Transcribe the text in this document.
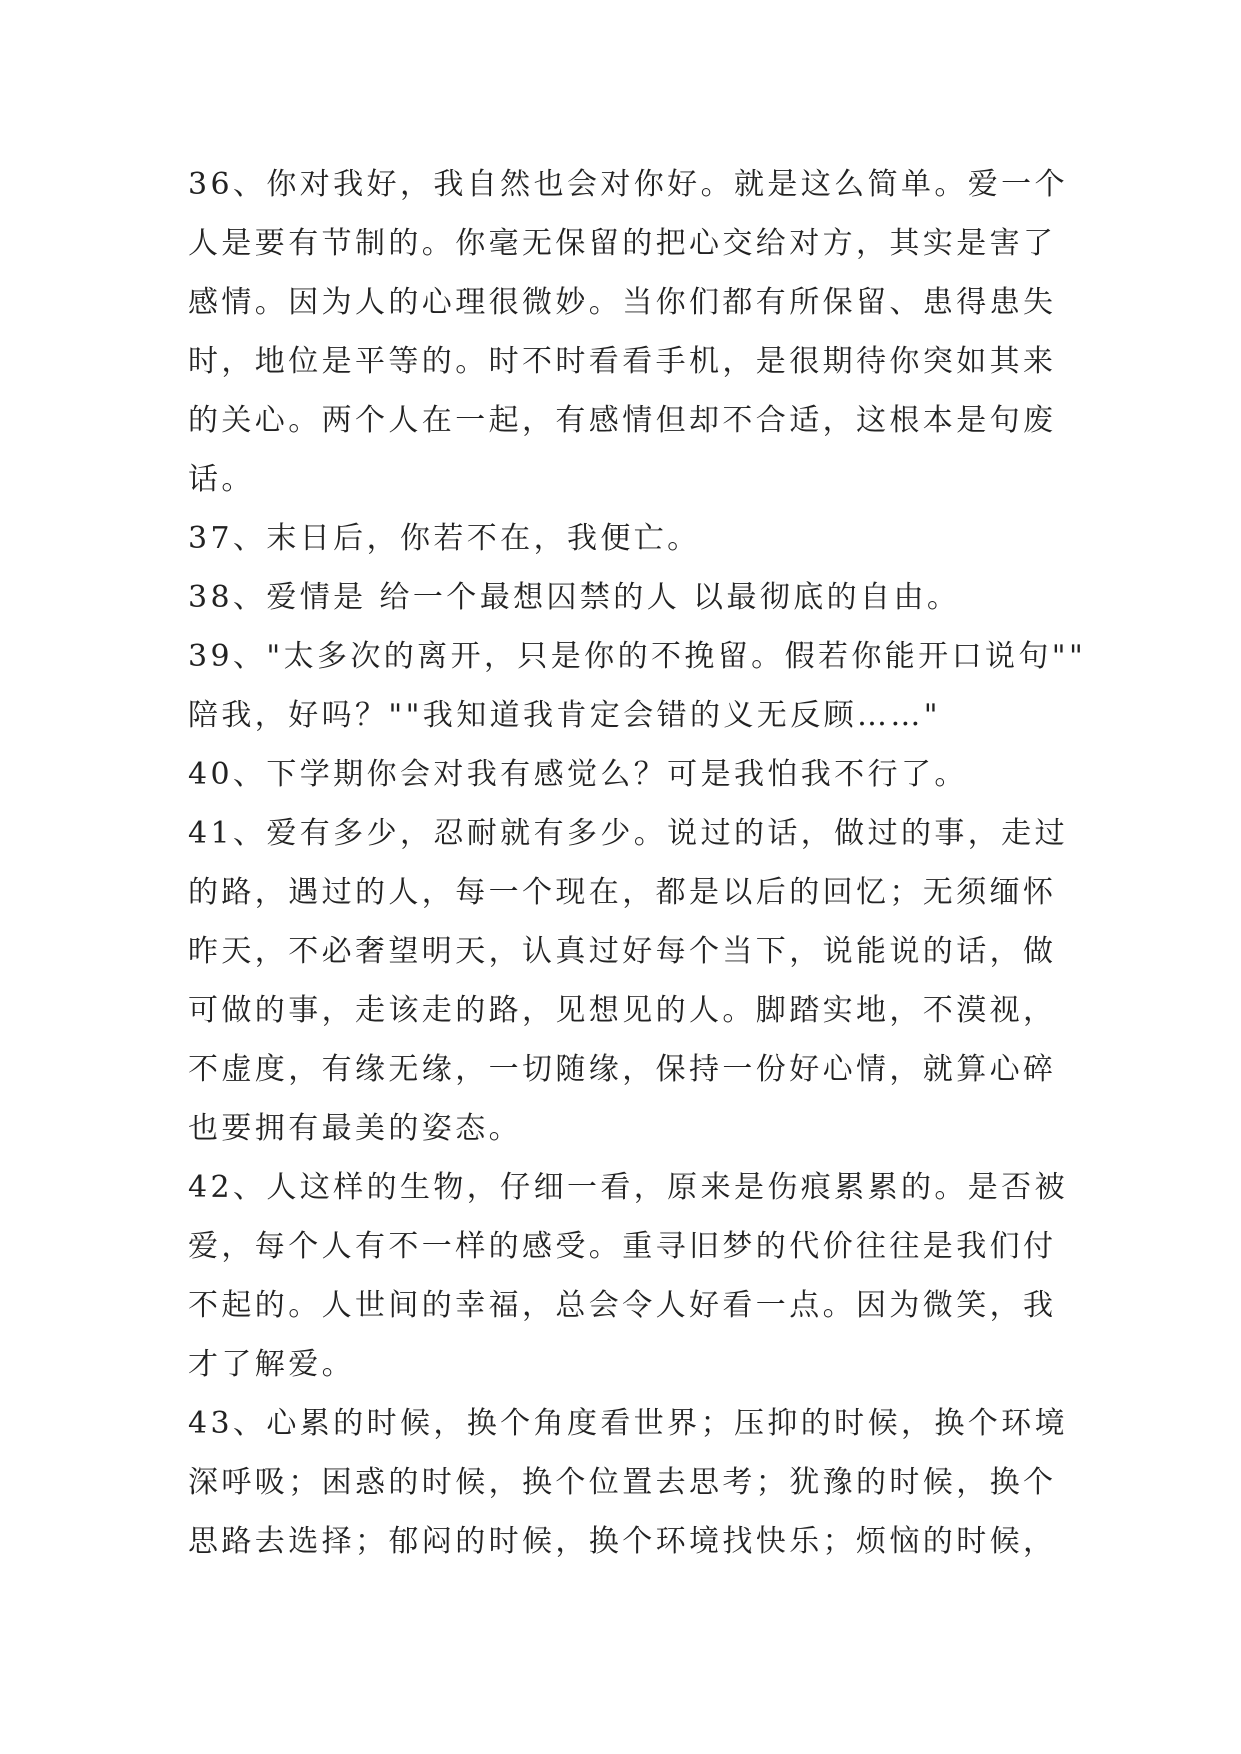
36、你对我好，我自然也会对你好。就是这么简单。爱一个
人是要有节制的。你毫无保留的把心交给对方，其实是害了
感情。因为人的心理很微妙。当你们都有所保留、患得患失
时，地位是平等的。时不时看看手机，是很期待你突如其来
的关心。两个人在一起，有感情但却不合适，这根本是句废
话。

37、末日后，你若不在，我便亡。

38、爱情是 给一个最想囚禁的人 以最彻底的自由。

39、"太多次的离开，只是你的不挽留。假若你能开口说句""
陪我，好吗？""我知道我肯定会错的义无反顾……"

40、下学期你会对我有感觉么？可是我怕我不行了。

41、爱有多少，忍耐就有多少。说过的话，做过的事，走过
的路，遇过的人，每一个现在，都是以后的回忆；无须缅怀
昨天，不必奢望明天，认真过好每个当下，说能说的话，做
可做的事，走该走的路，见想见的人。脚踏实地，不漠视，
不虚度，有缘无缘，一切随缘，保持一份好心情，就算心碎
也要拥有最美的姿态。

42、人这样的生物，仔细一看，原来是伤痕累累的。是否被
爱，每个人有不一样的感受。重寻旧梦的代价往往是我们付
不起的。人世间的幸福，总会令人好看一点。因为微笑，我
才了解爱。

43、心累的时候，换个角度看世界；压抑的时候，换个环境
深呼吸；困惑的时候，换个位置去思考；犹豫的时候，换个
思路去选择；郁闷的时候，换个环境找快乐；烦恼的时候，
